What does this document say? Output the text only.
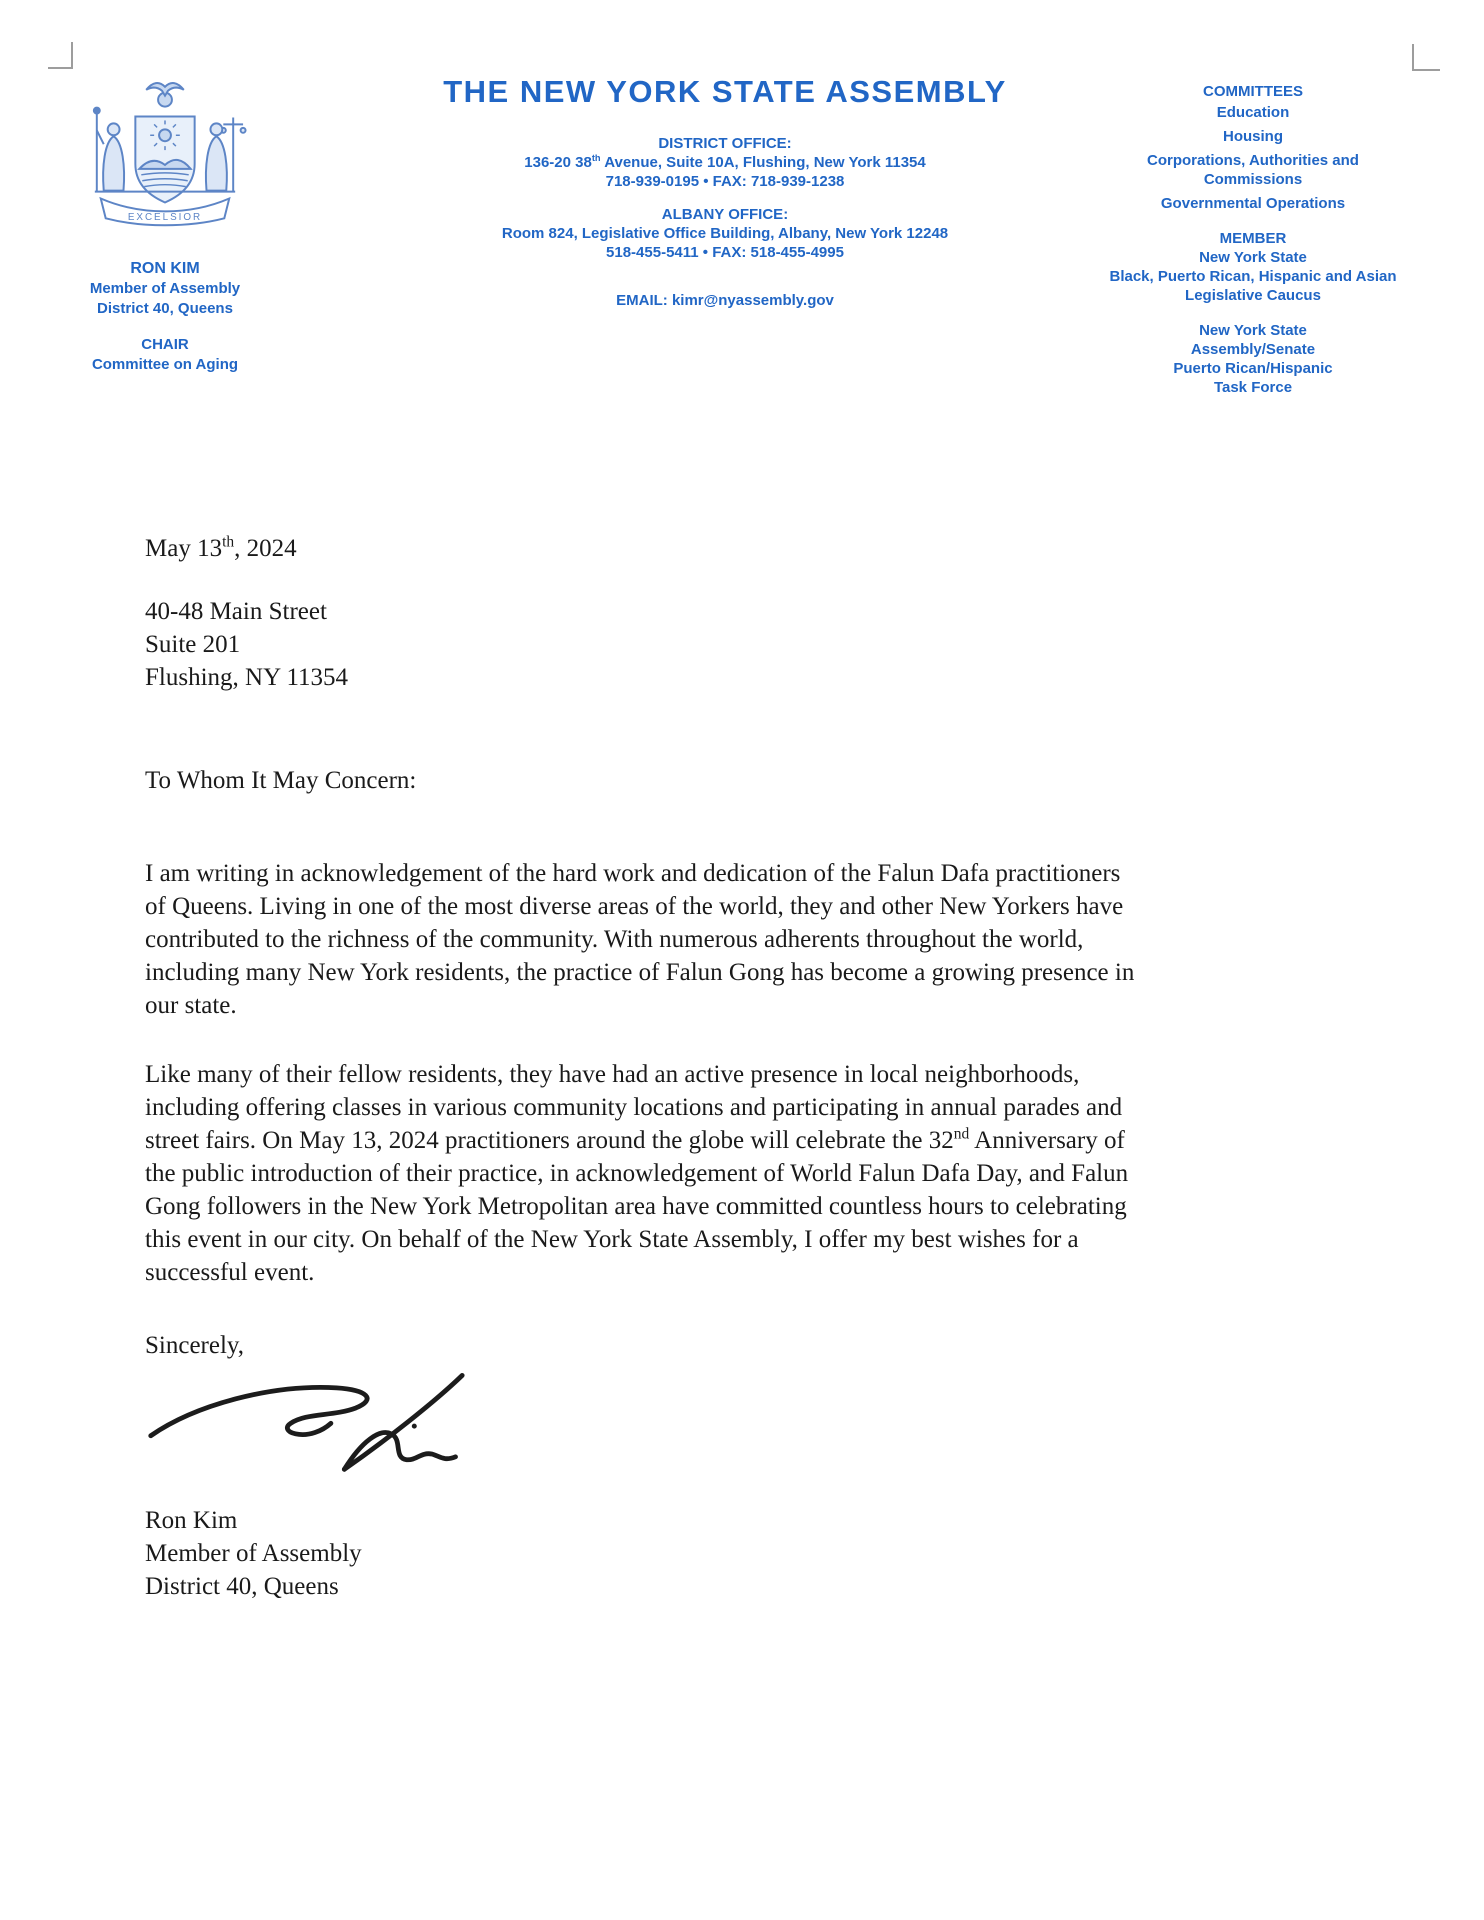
EXCELSIOR
RON KIM
Member of Assembly
District 40, Queens
CHAIR
Committee on Aging
THE NEW YORK STATE ASSEMBLY
DISTRICT OFFICE:
136-20 38th Avenue, Suite 10A, Flushing, New York 11354
718-939-0195 • FAX: 718-939-1238
ALBANY OFFICE:
Room 824, Legislative Office Building, Albany, New York 12248
518-455-5411 • FAX: 518-455-4995
EMAIL: kimr@nyassembly.gov
COMMITTEES
Education
Housing
Corporations, Authorities and Commissions
Governmental Operations
MEMBER
New York State
Black, Puerto Rican, Hispanic and Asian Legislative Caucus
New York State
Assembly/Senate
Puerto Rican/Hispanic
Task Force
May 13th, 2024
40-48 Main Street
Suite 201
Flushing, NY 11354
To Whom It May Concern:

I am writing in acknowledgement of the hard work and dedication of the Falun Dafa practitioners of Queens. Living in one of the most diverse areas of the world, they and other New Yorkers have contributed to the richness of the community. With numerous adherents throughout the world, including many New York residents, the practice of Falun Gong has become a growing presence in our state.

Like many of their fellow residents, they have had an active presence in local neighborhoods, including offering classes in various community locations and participating in annual parades and street fairs. On May 13, 2024 practitioners around the globe will celebrate the 32nd Anniversary of the public introduction of their practice, in acknowledgement of World Falun Dafa Day, and Falun Gong followers in the New York Metropolitan area have committed countless hours to celebrating this event in our city. On behalf of the New York State Assembly, I offer my best wishes for a successful event.

Sincerely,
Ron Kim
Member of Assembly
District 40, Queens
